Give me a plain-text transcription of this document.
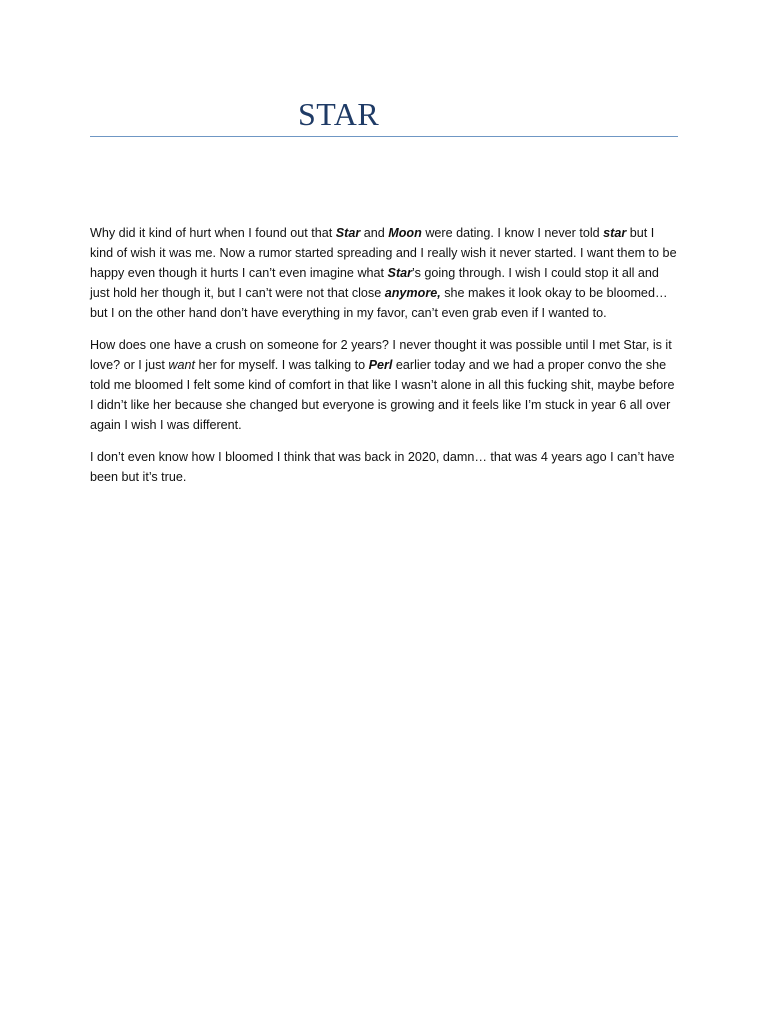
STAR

Why did it kind of hurt when I found out that Star and Moon were dating. I know I never told star but I kind of wish it was me. Now a rumor started spreading and I really wish it never started. I want them to be happy even though it hurts I can’t even imagine what Star’s going through. I wish I could stop it all and just hold her though it, but I can’t were not that close anymore, she makes it look okay to be bloomed… but I on the other hand don’t have everything in my favor, can’t even grab even if I wanted to.

How does one have a crush on someone for 2 years? I never thought it was possible until I met Star, is it love? or I just want her for myself. I was talking to Perl earlier today and we had a proper convo the she told me bloomed I felt some kind of comfort in that like I wasn’t alone in all this fucking shit, maybe before I didn’t like her because she changed but everyone is growing and it feels like I’m stuck in year 6 all over again I wish I was different.

I don’t even know how I bloomed I think that was back in 2020, damn… that was 4 years ago I can’t have been but it’s true.
